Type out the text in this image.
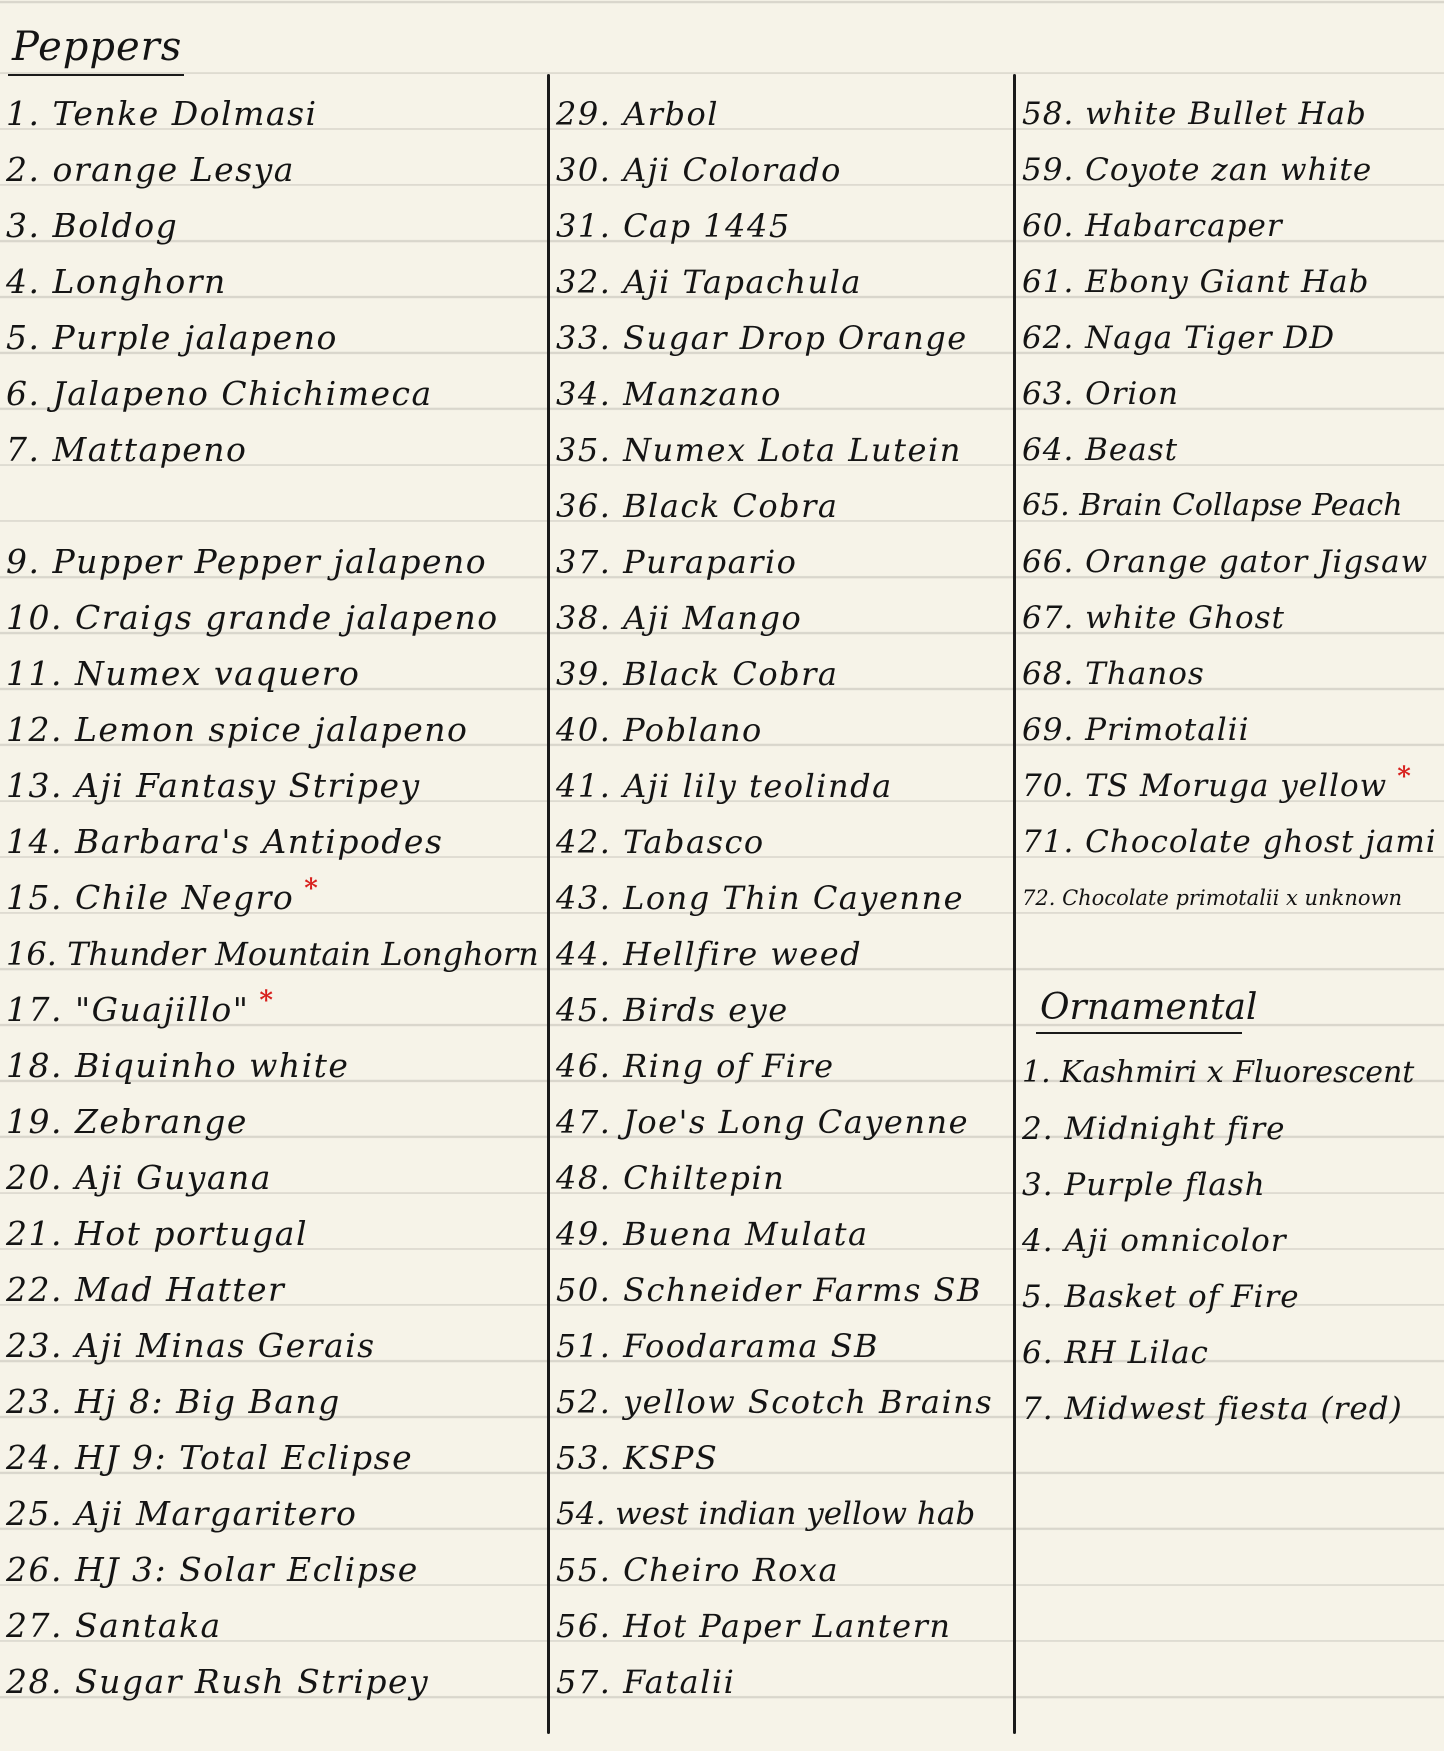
Peppers
1. Tenke Dolmasi
2. orange Lesya
3. Boldog
4. Longhorn
5. Purple jalapeno
6. Jalapeno Chichimeca
7. Mattapeno
9. Pupper Pepper jalapeno
10. Craigs grande jalapeno
11. Numex vaquero
12. Lemon spice jalapeno
13. Aji Fantasy Stripey
14. Barbara's Antipodes
15. Chile Negro *
16. Thunder Mountain Longhorn
17. "Guajillo" *
18. Biquinho white
19. Zebrange
20. Aji Guyana
21. Hot portugal
22. Mad Hatter
23. Aji Minas Gerais
23. Hj 8: Big Bang
24. HJ 9: Total Eclipse
25. Aji Margaritero
26. HJ 3: Solar Eclipse
27. Santaka
28. Sugar Rush Stripey
29. Arbol
30. Aji Colorado
31. Cap 1445
32. Aji Tapachula
33. Sugar Drop Orange
34. Manzano
35. Numex Lota Lutein
36. Black Cobra
37. Purapario
38. Aji Mango
39. Black Cobra
40. Poblano
41. Aji lily teolinda
42. Tabasco
43. Long Thin Cayenne
44. Hellfire weed
45. Birds eye
46. Ring of Fire
47. Joe's Long Cayenne
48. Chiltepin
49. Buena Mulata
50. Schneider Farms SB
51. Foodarama SB
52. yellow Scotch Brains
53. KSPS
54. west indian yellow hab
55. Cheiro Roxa
56. Hot Paper Lantern
57. Fatalii
58. white Bullet Hab
59. Coyote zan white
60. Habarcaper
61. Ebony Giant Hab
62. Naga Tiger DD
63. Orion
64. Beast
65. Brain Collapse Peach
66. Orange gator Jigsaw
67. white Ghost
68. Thanos
69. Primotalii
70. TS Moruga yellow *
71. Chocolate ghost jami
72. Chocolate primotalii x unknown
Ornamental
1. Kashmiri x Fluorescent
2. Midnight fire
3. Purple flash
4. Aji omnicolor
5. Basket of Fire
6. RH Lilac
7. Midwest fiesta (red)
